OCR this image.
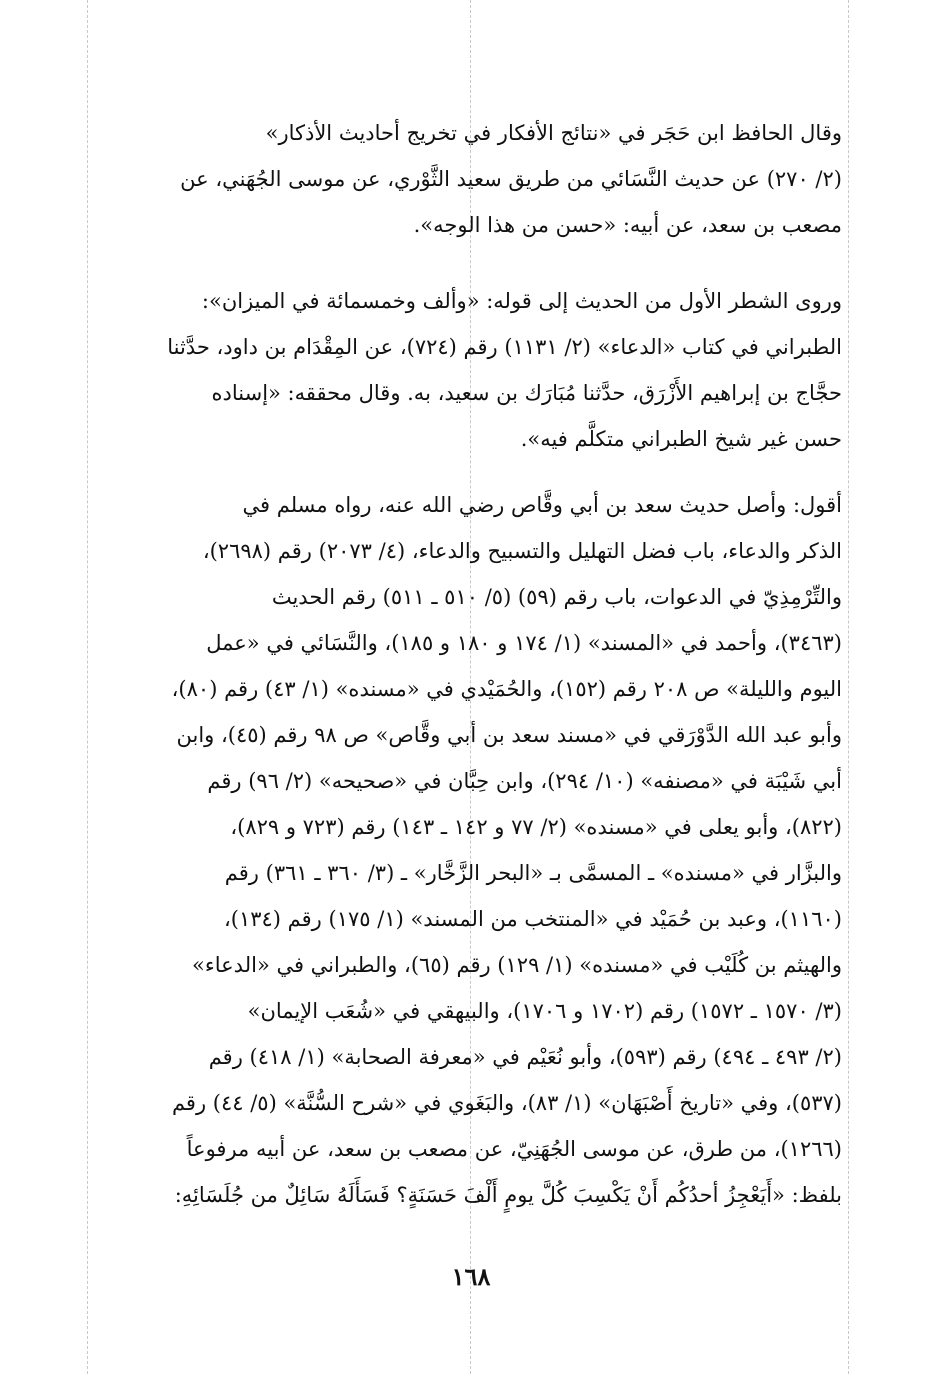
وقال الحافظ ابن حَجَر في «نتائج الأفكار في تخريج أحاديث الأذكار»
(٢/ ٢٧٠) عن حديث النَّسَائي من طريق سعيد الثَّوْري، عن موسى الجُهَني، عن
مصعب بن سعد، عن أبيه: «حسن من هذا الوجه».
وروى الشطر الأول من الحديث إلى قوله: «وألف وخمسمائة في الميزان»:
الطبراني في كتاب «الدعاء» (٢/ ١١٣١) رقم (٧٢٤)، عن المِقْدَام بن داود، حدَّثنا
حجَّاج بن إبراهيم الأَزْرَق، حدَّثنا مُبَارَك بن سعيد، به. وقال محققه: «إسناده
حسن غير شيخ الطبراني متكلَّم فيه».
أقول: وأصل حديث سعد بن أبي وقَّاص رضي الله عنه، رواه مسلم في
الذكر والدعاء، باب فضل التهليل والتسبيح والدعاء، (٤/ ٢٠٧٣) رقم (٢٦٩٨)،
والتِّرْمِذِيّ في الدعوات، باب رقم (٥٩) (٥/ ٥١٠ ـ ٥١١) رقم الحديث
(٣٤٦٣)، وأحمد في «المسند» (١/ ١٧٤ و ١٨٠ و ١٨٥)، والنَّسَائي في «عمل
اليوم والليلة» ص ٢٠٨ رقم (١٥٢)، والحُمَيْدي في «مسنده» (١/ ٤٣) رقم (٨٠)،
وأبو عبد الله الدَّوْرَقي في «مسند سعد بن أبي وقَّاص» ص ٩٨ رقم (٤٥)، وابن
أبي شَيْبَة في «مصنفه» (١٠/ ٢٩٤)، وابن حِبَّان في «صحيحه» (٢/ ٩٦) رقم
(٨٢٢)، وأبو يعلى في «مسنده» (٢/ ٧٧ و ١٤٢ ـ ١٤٣) رقم (٧٢٣ و ٨٢٩)،
والبزَّار في «مسنده» ـ المسمَّى بـ «البحر الزَّخَّار» ـ (٣/ ٣٦٠ ـ ٣٦١) رقم
(١١٦٠)، وعبد بن حُمَيْد في «المنتخب من المسند» (١/ ١٧٥) رقم (١٣٤)،
والهيثم بن كُلَيْب في «مسنده» (١/ ١٢٩) رقم (٦٥)، والطبراني في «الدعاء»
(٣/ ١٥٧٠ ـ ١٥٧٢) رقم (١٧٠٢ و ١٧٠٦)، والبيهقي في «شُعَب الإيمان»
(٢/ ٤٩٣ ـ ٤٩٤) رقم (٥٩٣)، وأبو نُعَيْم في «معرفة الصحابة» (١/ ٤١٨) رقم
(٥٣٧)، وفي «تاريخ أَصْبَهَان» (١/ ٨٣)، والبَغَوي في «شرح السُّنَّة» (٥/ ٤٤) رقم
(١٢٦٦)، من طرق، عن موسى الجُهَنِيّ، عن مصعب بن سعد، عن أبيه مرفوعاً
بلفظ: «أَيَعْجِزُ أحدُكُم أَنْ يَكْسِبَ كُلَّ يومٍ أَلْفَ حَسَنَةٍ؟ فَسَأَلَهُ سَائِلٌ من جُلَسَائِهِ:
١٦٨
